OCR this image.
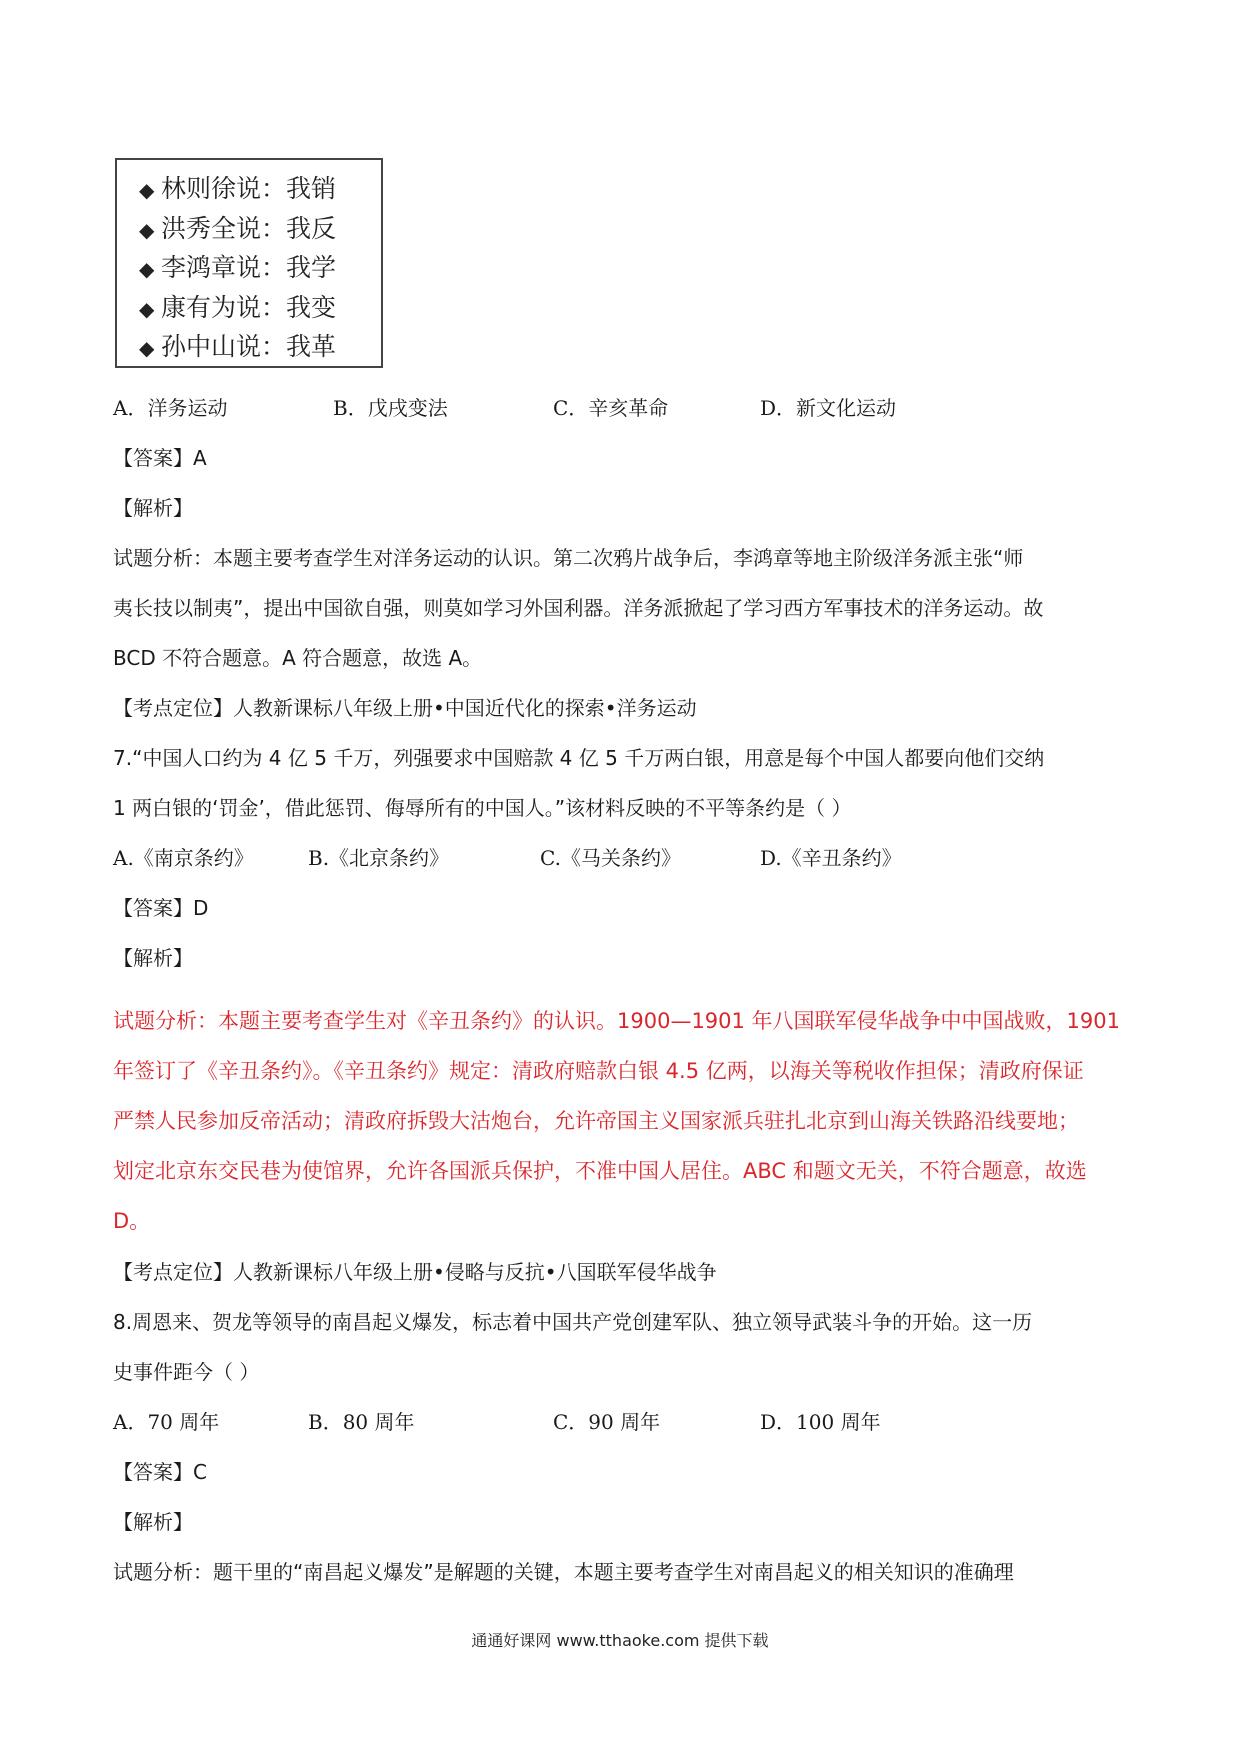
◆ 林则徐说：我销
◆ 洪秀全说：我反
◆ 李鸿章说：我学
◆ 康有为说：我变
◆ 孙中山说：我革
A．洋务运动	B．戊戌变法	C．辛亥革命	D．新文化运动
【答案】A
【解析】
试题分析：本题主要考查学生对洋务运动的认识。第二次鸦片战争后，李鸿章等地主阶级洋务派主张“师
夷长技以制夷”，提出中国欲自强，则莫如学习外国利器。洋务派掀起了学习西方军事技术的洋务运动。故
BCD 不符合题意。A 符合题意，故选 A。
【考点定位】人教新课标八年级上册•中国近代化的探索•洋务运动
7.“中国人口约为 4 亿 5 千万，列强要求中国赔款 4 亿 5 千万两白银，用意是每个中国人都要向他们交纳
1 两白银的‘罚金’，借此惩罚、侮辱所有的中国人。”该材料反映的不平等条约是（ ）
A.《南京条约》	B.《北京条约》	C.《马关条约》	D.《辛丑条约》
【答案】D
【解析】
试题分析：本题主要考查学生对《辛丑条约》的认识。1900—1901 年八国联军侵华战争中中国战败，1901
年签订了《辛丑条约》。《辛丑条约》规定：清政府赔款白银 4.5 亿两，以海关等税收作担保；清政府保证
严禁人民参加反帝活动；清政府拆毁大沽炮台，允许帝国主义国家派兵驻扎北京到山海关铁路沿线要地；
划定北京东交民巷为使馆界，允许各国派兵保护，不准中国人居住。ABC 和题文无关，不符合题意，故选
D。
【考点定位】人教新课标八年级上册•侵略与反抗•八国联军侵华战争
8.周恩来、贺龙等领导的南昌起义爆发，标志着中国共产党创建军队、独立领导武装斗争的开始。这一历
史事件距今（ ）
A．70 周年	B．80 周年	C．90 周年	D．100 周年
【答案】C
【解析】
试题分析：题干里的“南昌起义爆发”是解题的关键，本题主要考查学生对南昌起义的相关知识的准确理
通通好课网 www.tthaoke.com 提供下载
